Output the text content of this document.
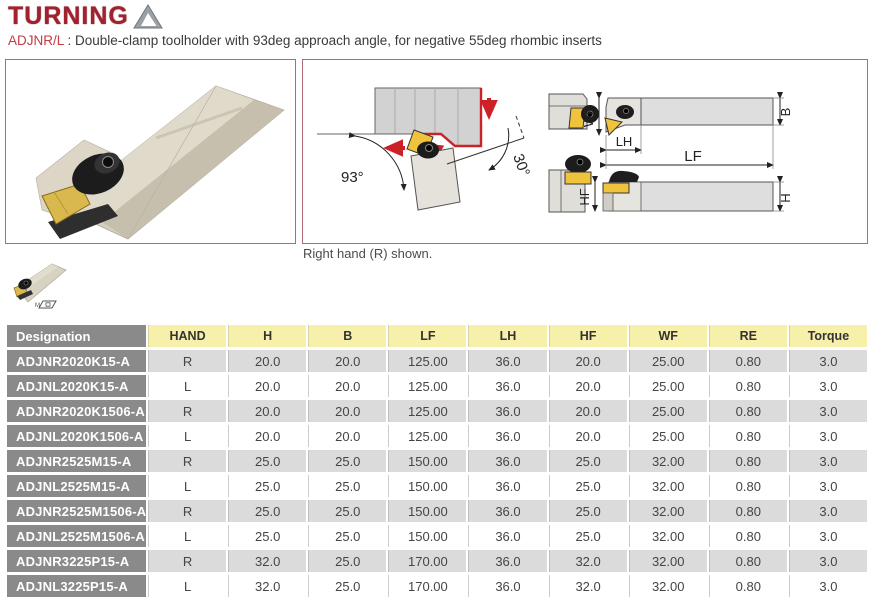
TURNING
ADJNR/L : Double-clamp toolholder with 93deg approach angle, for negative 55deg rhombic inserts
93°	30°
WF	B
LH
LF
HF	H
Right hand (R) shown.
M
Designation	HAND	H	B	LF	LH	HF	WF	RE	Torque
ADJNR2020K15-A	R	20.0	20.0	125.00	36.0	20.0	25.00	0.80	3.0
ADJNL2020K15-A	L	20.0	20.0	125.00	36.0	20.0	25.00	0.80	3.0
ADJNR2020K1506-A	R	20.0	20.0	125.00	36.0	20.0	25.00	0.80	3.0
ADJNL2020K1506-A	L	20.0	20.0	125.00	36.0	20.0	25.00	0.80	3.0
ADJNR2525M15-A	R	25.0	25.0	150.00	36.0	25.0	32.00	0.80	3.0
ADJNL2525M15-A	L	25.0	25.0	150.00	36.0	25.0	32.00	0.80	3.0
ADJNR2525M1506-A	R	25.0	25.0	150.00	36.0	25.0	32.00	0.80	3.0
ADJNL2525M1506-A	L	25.0	25.0	150.00	36.0	25.0	32.00	0.80	3.0
ADJNR3225P15-A	R	32.0	25.0	170.00	36.0	32.0	32.00	0.80	3.0
ADJNL3225P15-A	L	32.0	25.0	170.00	36.0	32.0	32.00	0.80	3.0
